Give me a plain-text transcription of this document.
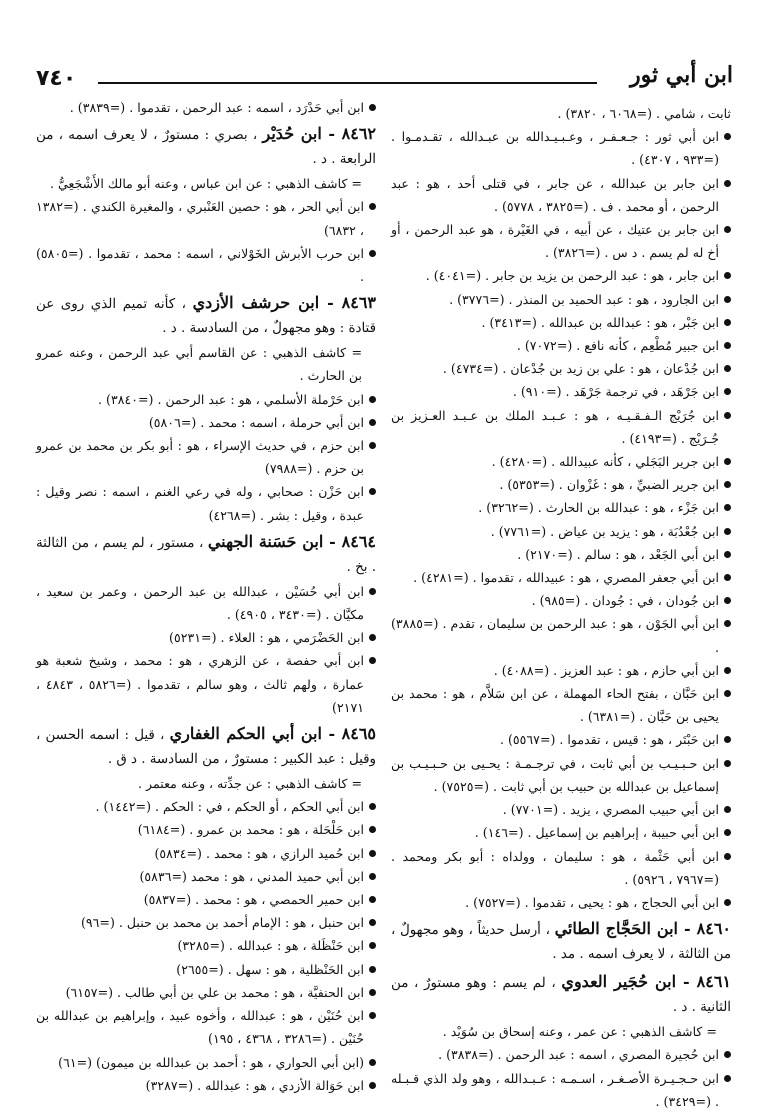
٧٤٠	ابن أبي ثور
ثابت ، شامي . (=٦٠٦٨ ، ٣٨٢٠) .
ابن أبي ثور : جـعـفـر ، وعـبـيـدالله بن عبـدالله ، تقـدمـوا . (=٩٣٣ ، ٤٣٠٧) .
ابن جابر بن عبدالله ، عن جابر ، في قتلى أحد ، هو : عبد الرحمن ، أو محمد . ف . (=٣٨٢٥ ، ٥٧٧٨) .
ابن جابر بن عتيك ، عن أبيه ، في الغَيْرة ، هو عبد الرحمن ، أو أخ له لم يسم . د س . (=٣٨٢٦) .
ابن جابر ، هو : عبد الرحمن بن يزيد بن جابر . (=٤٠٤١) .
ابن الجارود ، هو : عبد الحميد بن المنذر . (=٣٧٧٦) .
ابن جَبْر ، هو : عبدالله بن عبدالله . (=٣٤١٣) .
ابن جبير مُطْعِم ، كأنه نافع . (=٧٠٧٢) .
ابن جُدْعان ، هو : علي بن زيد بن جُدْعان . (=٤٧٣٤) .
ابن جَرْهَد ، في ترجمة جَرْهَد . (=٩١٠) .
ابن جُرَيْج الـفـقـيـه ، هو : عـبـد الملك بن عـبـد العـزيز بن جُـرَيْج . (=٤١٩٣) .
ابن جرير البَجَلي ، كأنه عبيدالله . (=٤٢٨٠) .
ابن جرير الضبيِّ ، هو : غَزْوان . (=٥٣٥٣) .
ابن جَزْء ، هو : عبدالله بن الحارث . (=٣٢٦٢) .
ابن جُعْدُبَة ، هو : يزيد بن عياض . (=٧٧٦١) .
ابن أبي الجَعْد ، هو : سالم . (=٢١٧٠) .
ابن أبي جعفر المصري ، هو : عبيدالله ، تقدموا . (=٤٢٨١) .
ابن جُودان ، في : جُودان . (=٩٨٥) .
ابن أبي الجَوْن ، هو : عبد الرحمن بن سليمان ، تقدم . (=٣٨٨٥) .
ابن أبي حازم ، هو : عبد العزيز . (=٤٠٨٨) .
ابن حَبَّان ، بفتح الحاء المهملة ، عن ابن سَلاَّم ، هو : محمد بن يحيى بن حَبَّان . (=٦٣٨١) .
ابن حَبْتَر ، هو : قيس ، تقدموا . (=٥٥٦٧) .
ابن حـبـيـب بن أبي ثابت ، في ترجـمـة : يحـيى بن حـبـيـب بن إسماعيل بن عبدالله بن حبيب بن أبي ثابت . (=٧٥٢٥) .
ابن أبي حبيب المصري ، يزيد . (=٧٧٠١) .
ابن أبي حبيبة ، إبراهيم بن إسماعيل . (=١٤٦) .
ابن أبي حَثْمة ، هو : سليمان ، وولداه : أبو بكر ومحمد . (=٧٩٦٧ ، ٥٩٢٦) .
ابن أبي الحجاج ، هو : يحيى ، تقدموا . (=٧٥٢٧) .
٨٤٦٠ - ابن الحَجَّاج الطائي ، أرسل حديثاً ، وهو مجهولٌ ، من الثالثة ، لا يعرف اسمه . مد .
٨٤٦١ - ابن حُجَير العدوي ، لم يسم : وهو مستورٌ ، من الثانية . د .
= كاشف الذهبي : عن عمر ، وعنه إسحاق بن سُوَيْد .
ابن حُجيرة المصري ، اسمه : عبد الرحمن . (=٣٨٣٨) .
ابن حـجـيـرة الأصـغـر ، اسـمـه : عـبـدالله ، وهو ولد الذي قـبـله . (=٣٤٢٩) .
ابن أبي حَدْرَد ، اسمه : عبد الرحمن ، تقدموا . (=٣٨٣٩) .
٨٤٦٢ - ابن حُدَيْر ، بصري : مستورٌ ، لا يعرف اسمه ، من الرابعة . د .
= كاشف الذهبي : عن ابن عباس ، وعنه أبو مالك الأَشْجَعِيُّ .
ابن أبي الحر ، هو : حصين العَنْبري ، والمغيرة الكندي . (=١٣٨٢ ، ٦٨٣٢)
ابن حرب الأبرش الخَوْلاني ، اسمه : محمد ، تقدموا . (=٥٨٠٥) .
٨٤٦٣ - ابن حرشف الأزدي ، كأنه تميم الذي روى عن قتادة : وهو مجهولٌ ، من السادسة . د .
= كاشف الذهبي : عن القاسم أبي عبد الرحمن ، وعنه عمرو بن الحارث .
ابن حَرْملة الأسلمي ، هو : عبد الرحمن . (=٣٨٤٠) .
ابن أبي حرملة ، اسمه : محمد . (=٥٨٠٦)
ابن حزم ، في حديث الإسراء ، هو : أبو بكر بن محمد بن عمرو بن حزم . (=٧٩٨٨)
ابن حَزْن : صحابي ، وله في رعي الغنم ، اسمه : نصر وقيل : عبدة ، وقيل : بشر . (=٤٢٦٨)
٨٤٦٤ - ابن حَسَنة الجهني ، مستور ، لم يسم ، من الثالثة . بخ .
ابن أبي حُسَيْن ، عبدالله بن عبد الرحمن ، وعمر بن سعيد ، مكيَّان . (=٣٤٣٠ ، ٤٩٠٥) .
ابن الحَضْرَمي ، هو : العلاء . (=٥٢٣١)
ابن أبي حفصة ، عن الزهري ، هو : محمد ، وشيخ شعبة هو عمارة ، ولهم ثالث ، وهو سالم ، تقدموا . (=٥٨٢٦ ، ٤٨٤٣ ، ٢١٧١)
٨٤٦٥ - ابن أبي الحكم الغفاري ، قيل : اسمه الحسن ، وقيل : عبد الكبير : مستورٌ ، من السادسة . د ق .
= كاشف الذهبي : عن جدِّته ، وعنه معتمر .
ابن أبي الحكم ، أو الحكم ، في : الحكم . (=١٤٤٢) .
ابن حَلْحَلة ، هو : محمد بن عمرو . (=٦١٨٤)
ابن حُميد الرازي ، هو : محمد . (=٥٨٣٤)
ابن أبي حميد المدني ، هو : محمد (=٥٨٣٦)
ابن حمير الحمصي ، هو : محمد . (=٥٨٣٧)
ابن حنبل ، هو : الإمام أحمد بن محمد بن حنبل . (=٩٦)
ابن حَنْظَلة ، هو : عبدالله . (=٣٢٨٥)
ابن الحَنْظلية ، هو : سهل . (=٢٦٥٥)
ابن الحنفيَّة ، هو : محمد بن علي بن أبي طالب . (=٦١٥٧)
ابن حُنَيْن ، هو : عبدالله ، وأخوه عبيد ، وإبراهيم بن عبدالله بن حُنَيْن . (=٣٢٨٦ ، ٤٣٦٨ ، ١٩٥)
(ابن أبي الحواري ، هو : أحمد بن عبدالله بن ميمون) (=٦١)
ابن حَوَالة الأزدي ، هو : عبدالله . (=٣٢٨٧)
